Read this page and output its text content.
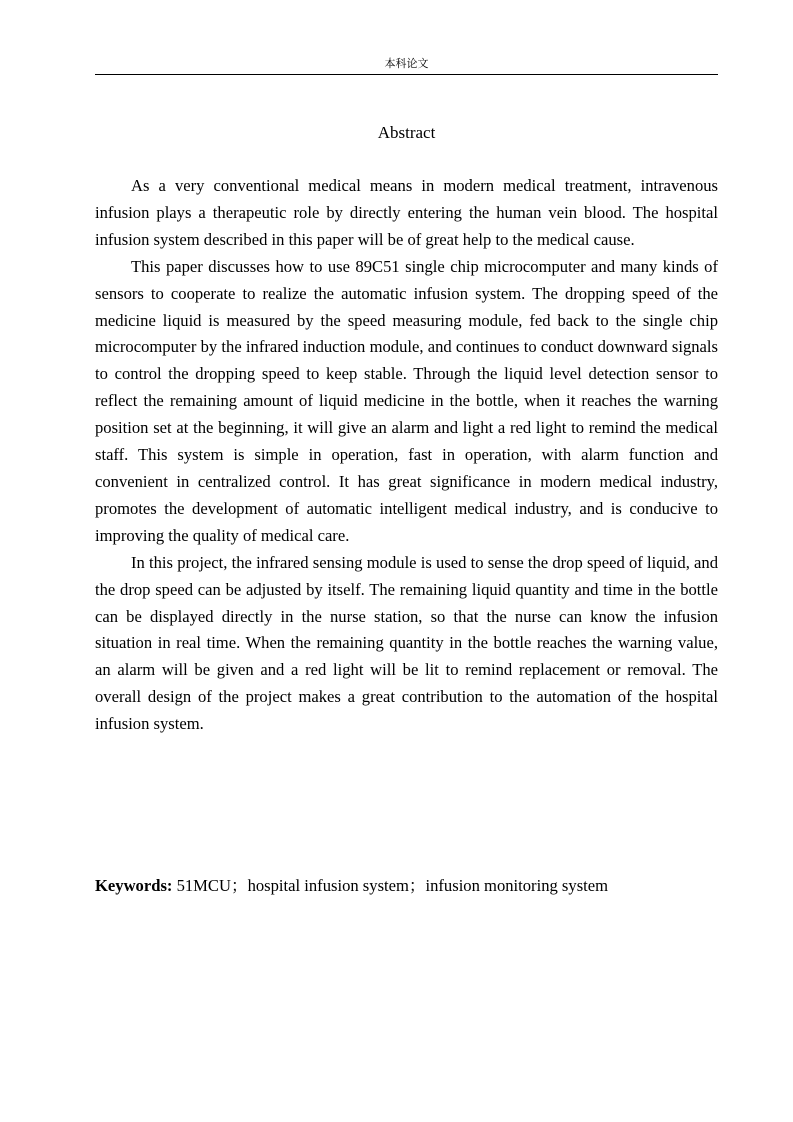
本科论文
Abstract

As a very conventional medical means in modern medical treatment, intravenous infusion plays a therapeutic role by directly entering the human vein blood. The hospital infusion system described in this paper will be of great help to the medical cause.

This paper discusses how to use 89C51 single chip microcomputer and many kinds of sensors to cooperate to realize the automatic infusion system. The dropping speed of the medicine liquid is measured by the speed measuring module, fed back to the single chip microcomputer by the infrared induction module, and continues to conduct downward signals to control the dropping speed to keep stable. Through the liquid level detection sensor to reflect the remaining amount of liquid medicine in the bottle, when it reaches the warning position set at the beginning, it will give an alarm and light a red light to remind the medical staff. This system is simple in operation, fast in operation, with alarm function and convenient in centralized control. It has great significance in modern medical industry, promotes the development of automatic intelligent medical industry, and is conducive to improving the quality of medical care.

In this project, the infrared sensing module is used to sense the drop speed of liquid, and the drop speed can be adjusted by itself. The remaining liquid quantity and time in the bottle can be displayed directly in the nurse station, so that the nurse can know the infusion situation in real time. When the remaining quantity in the bottle reaches the warning value, an alarm will be given and a red light will be lit to remind replacement or removal. The overall design of the project makes a great contribution to the automation of the hospital infusion system.

Keywords: 51MCU；hospital infusion system；infusion monitoring system
